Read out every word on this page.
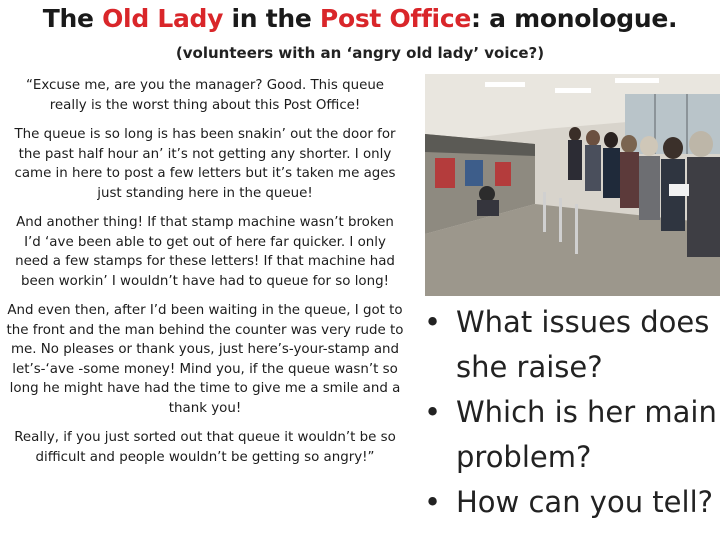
The Old Lady in the Post Office: a monologue.
(volunteers with an ‘angry old lady’ voice?)

“Excuse me, are you the manager? Good. This queue really is the worst thing about this Post Office!

The queue is so long is has been snakin’ out the door for the past half hour an’ it’s not getting any shorter. I only came in here to post a few letters but it’s taken me ages just standing here in the queue!

And another thing! If that stamp machine wasn’t broken I’d ‘ave been able to get out of here far quicker. I only need a few stamps for these letters! If that machine had been workin’ I wouldn’t have had to queue for so long!

And even then, after I’d been waiting in the queue, I got to the front and the man behind the counter was very rude to me. No pleases or thank yous, just here’s-your-stamp and let’s-‘ave -some money! Mind you, if the queue wasn’t so long he might have had the time to give me a smile and a thank you!

Really, if you just sorted out that queue it wouldn’t be so difficult and people wouldn’t be getting so angry!”

• What issues does she raise?
• Which is her main problem?
• How can you tell?
